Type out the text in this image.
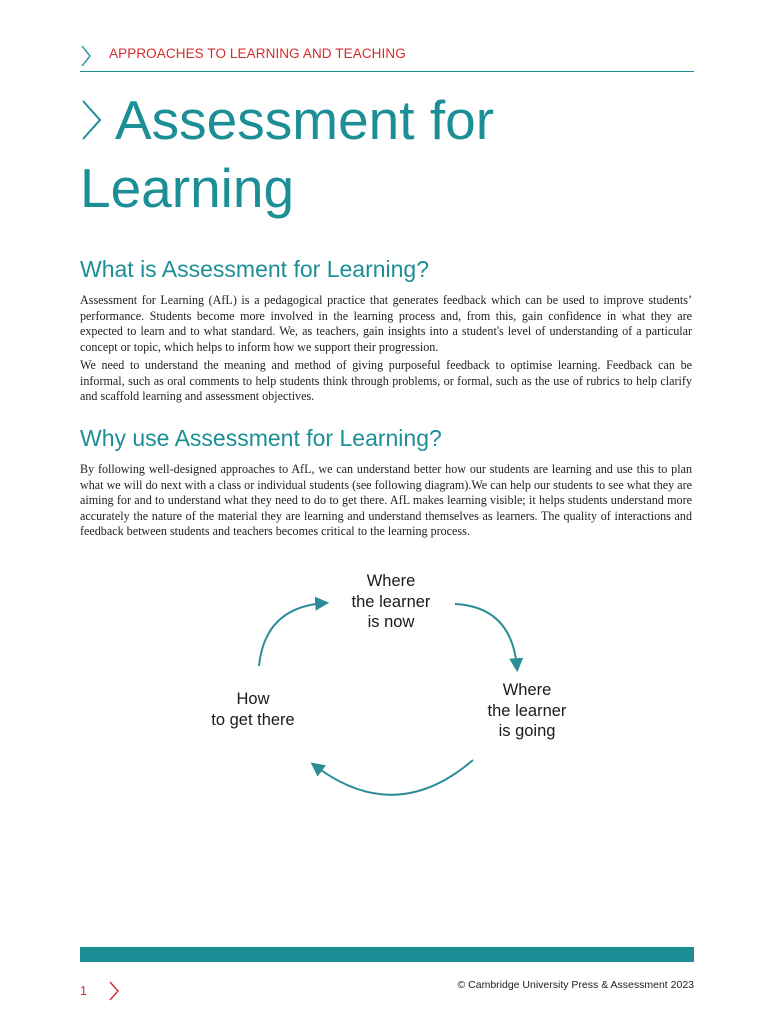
APPROACHES TO LEARNING AND TEACHING
Assessment for
Learning
What is Assessment for Learning?

Assessment for Learning (AfL) is a pedagogical practice that generates feedback which can be used to improve students’ performance. Students become more involved in the learning process and, from this, gain confidence in what they are expected to learn and to what standard. We, as teachers, gain insights into a student's level of understanding of a particular concept or topic, which helps to inform how we support their progression.

We need to understand the meaning and method of giving purposeful feedback to optimise learning. Feedback can be informal, such as oral comments to help students think through problems, or formal, such as the use of rubrics to help clarify and scaffold learning and assessment objectives.

Why use Assessment for Learning?

By following well-designed approaches to AfL, we can understand better how our students are learning and use this to plan what we will do next with a class or individual students (see following diagram).We can help our students to see what they are aiming for and to understand what they need to do to get there. AfL makes learning visible; it helps students understand more accurately the nature of the material they are learning and understand themselves as learners. The quality of interactions and feedback between students and teachers becomes critical to the learning process.

Where
the learner
is now
Where
the learner
is going
How
to get there
1	© Cambridge University Press & Assessment 2023
